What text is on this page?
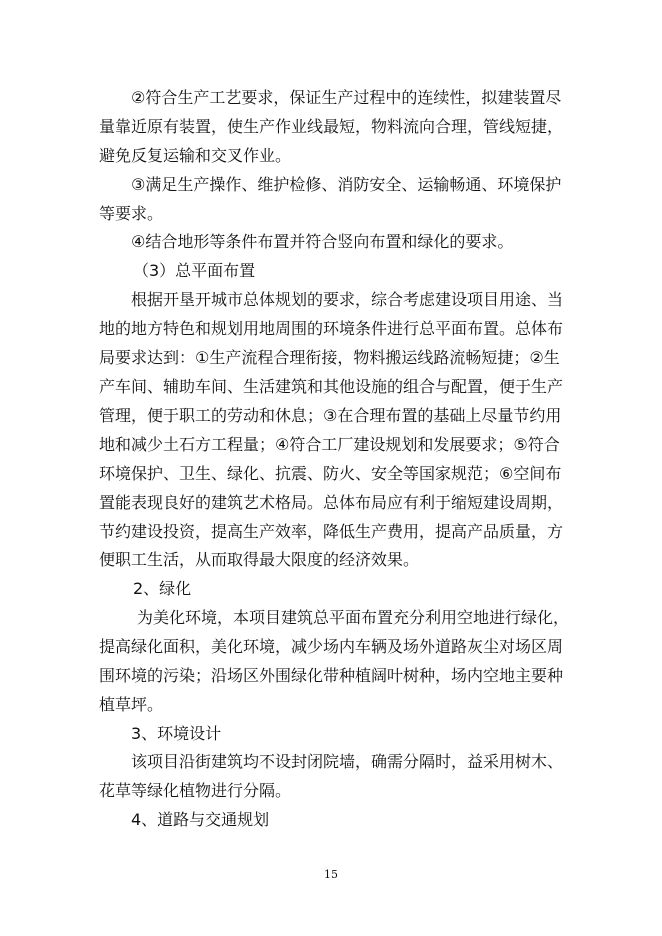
②符合生产工艺要求，保证生产过程中的连续性，拟建装置尽
量靠近原有装置，使生产作业线最短，物料流向合理，管线短捷，
避免反复运输和交叉作业。
③满足生产操作、维护检修、消防安全、运输畅通、环境保护
等要求。
④结合地形等条件布置并符合竖向布置和绿化的要求。
（3）总平面布置
根据开垦开城市总体规划的要求，综合考虑建设项目用途、当
地的地方特色和规划用地周围的环境条件进行总平面布置。总体布
局要求达到：①生产流程合理衔接，物料搬运线路流畅短捷；②生
产车间、辅助车间、生活建筑和其他设施的组合与配置，便于生产
管理，便于职工的劳动和休息；③在合理布置的基础上尽量节约用
地和减少土石方工程量；④符合工厂建设规划和发展要求；⑤符合
环境保护、卫生、绿化、抗震、防火、安全等国家规范；⑥空间布
置能表现良好的建筑艺术格局。总体布局应有利于缩短建设周期，
节约建设投资，提高生产效率，降低生产费用，提高产品质量，方
便职工生活，从而取得最大限度的经济效果。
2、绿化
为美化环境，本项目建筑总平面布置充分利用空地进行绿化，
提高绿化面积，美化环境，减少场内车辆及场外道路灰尘对场区周
围环境的污染；沿场区外围绿化带种植阔叶树种，场内空地主要种
植草坪。
3、环境设计
该项目沿街建筑均不设封闭院墙，确需分隔时，益采用树木、
花草等绿化植物进行分隔。
4、道路与交通规划
15
